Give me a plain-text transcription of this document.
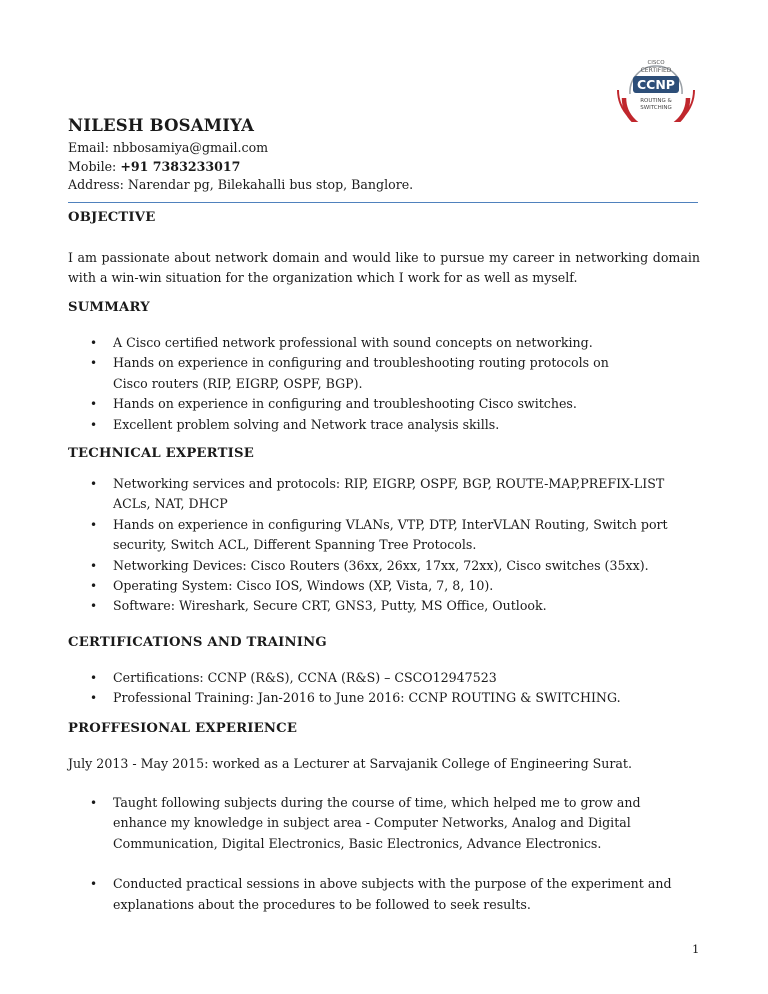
CISCO
CERTIFIED
CCNP
ROUTING &
SWITCHING
NILESH BOSAMIYA
Email: nbbosamiya@gmail.com
Mobile: +91 7383233017
Address: Narendar pg, Bilekahalli bus stop, Banglore.
OBJECTIVE
I am passionate about network domain and would like to pursue my career in networking domain with a win-win situation for the organization which I work for as well as myself.
SUMMARY
• A Cisco certified network professional with sound concepts on networking.
• Hands on experience in configuring and troubleshooting routing protocols on
Cisco routers (RIP, EIGRP, OSPF, BGP).
• Hands on experience in configuring and troubleshooting Cisco switches.
• Excellent problem solving and Network trace analysis skills.
TECHNICAL EXPERTISE
• Networking services and protocols: RIP, EIGRP, OSPF, BGP, ROUTE-MAP,PREFIX-LIST
ACLs, NAT, DHCP
• Hands on experience in configuring VLANs, VTP, DTP, InterVLAN Routing, Switch port
security, Switch ACL, Different Spanning Tree Protocols.
• Networking Devices: Cisco Routers (36xx, 26xx, 17xx, 72xx), Cisco switches (35xx).
• Operating System: Cisco IOS, Windows (XP, Vista, 7, 8, 10).
• Software: Wireshark, Secure CRT, GNS3, Putty, MS Office, Outlook.
CERTIFICATIONS AND TRAINING
• Certifications: CCNP (R&S), CCNA (R&S) – CSCO12947523
• Professional Training: Jan-2016 to June 2016: CCNP ROUTING & SWITCHING.
PROFFESIONAL EXPERIENCE
July 2013 - May 2015: worked as a Lecturer at Sarvajanik College of Engineering Surat.
• Taught following subjects during the course of time, which helped me to grow and
enhance my knowledge in subject area - Computer Networks, Analog and Digital
Communication, Digital Electronics, Basic Electronics, Advance Electronics.
• Conducted practical sessions in above subjects with the purpose of the experiment and
explanations about the procedures to be followed to seek results.
1
